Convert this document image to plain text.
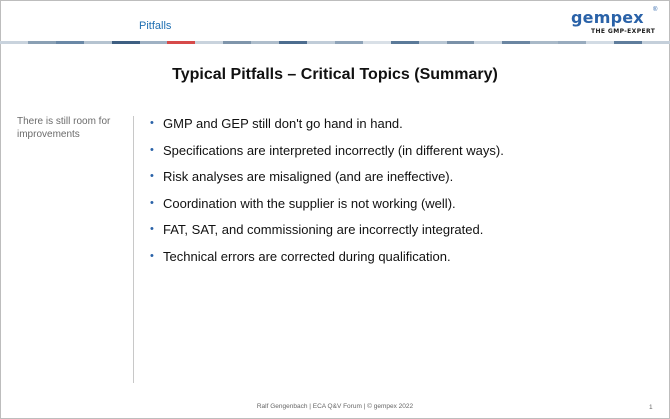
Pitfalls	gempex ®
THE GMP-EXPERT
Typical Pitfalls – Critical Topics (Summary)
There is still room for improvements
• GMP and GEP still don't go hand in hand.
• Specifications are interpreted incorrectly (in different ways).
• Risk analyses are misaligned (and are ineffective).
• Coordination with the supplier is not working (well).
• FAT, SAT, and commissioning are incorrectly integrated.
• Technical errors are corrected during qualification.
Ralf Gengenbach | ECA Q&V Forum | © gempex 2022	1
